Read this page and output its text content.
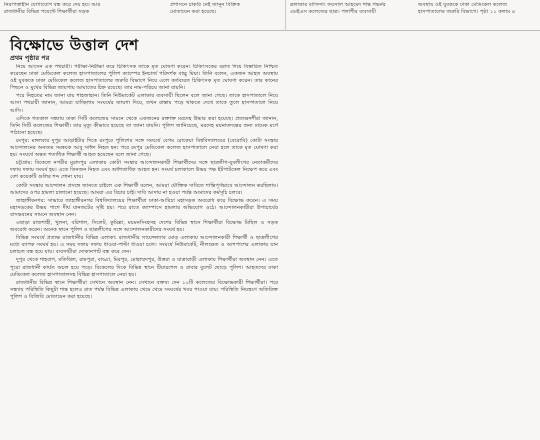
নিরাপত্তাহীন যোগাযোগ বন্ধ করে দেয় হয়। আর
রাজধানীর বিভিন্ন পয়েন্টে শিক্ষার্থীরা সড়ক
প্রশাসনে চাকরি নেই জানুন বিক্রিক
মোতায়েন করা হয়েছে।
ত্রলাকার বাসিন্দা। ফয়সাল আহমেদ শান্ত গভর্নর
এমইএস কলেজের ছাত্র। পলাশীর ব্যবসায়ী
অবস্থায় ওই যুবককে ঢাকা মেডিকেল কলেজ
হাসপাতালের জরুরি বিভাগে। পৃষ্ঠা ১১ কলাম ৪
বিক্ষোভে উত্তাল দেশ
প্রথম পৃষ্ঠার পর

নিয়ে আসেন এক পথচারী। পরীক্ষা-নিরীক্ষা করে চিকিৎসক তাকে মৃত ঘোষণা করেন। চিকিৎসকের বরাত দিয়ে বিস্তারিত নিশ্চিত করেছেন ঢাকা মেডিকেল কলেজ হাসপাতালের পুলিশ ক্যাম্পের ইনচার্জ পরিদর্শক বাচ্চু মিয়া। তিনি বলেন, একজন আহত অবস্থায় ওই যুবককে ঢাকা মেডিকেল কলেজ হাসপাতালের জরুরি বিভাগে নিয়ে এলে কর্তব্যরত চিকিৎসক মৃত ঘোষণা করেন। তার কানের পিছনে ও মুখের বিভিন্ন জায়গায় আঘাতের চিহ্ন রয়েছে। তার নাম-পরিচয় জানা যায়নি।

পরে নিহতের নাম জানা যায় শাহজাহান। তিনি নিউমার্কেট এলাকার ব্যবসায়ী ছিলেন বলে জানা গেছে। তাকে হাসপাতালে নিয়ে আসা পথচারী জানান, আমরা যাচ্ছিলাম সংঘর্ষের জায়গা দিয়ে, তখন রাস্তায় পড়ে থাকতে দেখে তাকে তুলে হাসপাতালে নিয়ে আসি।

এদিকে গতকাল সন্ধ্যায় ঢাকা সিটি কলেজের সামনে থেকে একজনের রক্তাক্ত মরদেহ উদ্ধার করা হয়েছে। প্রত্যক্ষদর্শীরা জানান, তিনি সিটি কলেজের শিক্ষার্থী। তার মৃত্যু কীভাবে হয়েছে তা জানা যায়নি। পুলিশ জানিয়েছে, মরদেহ ময়নাতদন্তের জন্য ঢামেক মর্গে পাঠানো হয়েছে।

রংপুর: মঙ্গলবার দুপুর আড়াইটার দিকে রংপুরে পুলিশের সঙ্গে সংঘর্ষে বেগম রোকেয়া বিশ্ববিদ্যালয়ের (বেরোবি) কোটা সংস্কার আন্দোলনের অন্যতম সমন্বয়ক আবু সাঈদ নিহত হন। পরে রংপুর মেডিকেল কলেজ হাসপাতালে নেয়া হলে তাকে মৃত ঘোষণা করা হয়। সংঘর্ষে অন্তত শতাধিক শিক্ষার্থী আহত হয়েছেন বলে জানা গেছে।

চট্টগ্রাম: বিকেলে নগরীর মুরাদপুর এলাকায় কোটা সংস্কার আন্দোলনকারী শিক্ষার্থীদের সঙ্গে ছাত্রলীগ-যুবলীগের নেতাকর্মীদের দফায় দফায় সংঘর্ষ হয়। এতে তিনজন নিহত এবং অর্ধশতাধিক আহত হন। সংঘর্ষ চলাকালে উভয় পক্ষ ইটপাটকেল নিক্ষেপ করে এবং বেশ কয়েকটি গুলির শব্দ শোনা যায়।

কোটা সংস্কার আন্দোলন প্রসঙ্গে জানতে চাইলে এক শিক্ষার্থী বলেন, আমরা যৌক্তিক দাবিতে শান্তিপূর্ণভাবে আন্দোলন করছিলাম। আমাদের ওপর হামলা চালানো হয়েছে। আমরা এর বিচার চাই। দাবি আদায় না হওয়া পর্যন্ত আমাদের কর্মসূচি চলবে।

জাহাঙ্গীরনগর: সাভারে জাহাঙ্গীরনগর বিশ্ববিদ্যালয়ের শিক্ষার্থীরা ঢাকা-আরিচা মহাসড়ক অবরোধ করে বিক্ষোভ করেন। এ সময় মহাসড়কের উভয় পাশে দীর্ঘ যানজটের সৃষ্টি হয়। পরে রাতে ক্যাম্পাসে হামলার অভিযোগ ওঠে। আন্দোলনকারীরা উপাচার্যের বাসভবনের সামনে অবস্থান নেন।

এছাড়া রাজশাহী, খুলনা, বরিশাল, সিলেট, কুমিল্লা, ময়মনসিংহসহ দেশের বিভিন্ন স্থানে শিক্ষার্থীরা বিক্ষোভ মিছিল ও সড়ক অবরোধ করেন। অনেক স্থানে পুলিশ ও ছাত্রলীগের সঙ্গে আন্দোলনকারীদের সংঘর্ষ হয়।

বিভিন্ন সংঘর্ষে প্রত্যক্ষ রাজধানীর বিভিন্ন এলাকা: রাজধানীর সায়েন্সল্যাব মোড় এলাকায় আন্দোলনকারী শিক্ষার্থী ও ছাত্রলীগের মধ্যে ব্যাপক সংঘর্ষ হয়। এ সময় দফায় দফায় ধাওয়া-পাল্টা ধাওয়া চলে। সংঘর্ষে নিউমার্কেট, নীলক্ষেত ও আশপাশের এলাকায় যান চলাচল বন্ধ হয়ে যায়। ব্যবসায়ীরা দোকানপাট বন্ধ করে দেন।

দুপুর থেকে শাহবাগ, মতিঝিল, রামপুরা, বাড্ডা, মিরপুর, মোহাম্মদপুর, উত্তরা ও যাত্রাবাড়ী এলাকায় শিক্ষার্থীরা অবস্থান নেন। এতে পুরো রাজধানী কার্যত অচল হয়ে পড়ে। বিকেলের দিকে বিভিন্ন স্থানে টিয়ারশেল ও রাবার বুলেট ছোড়ে পুলিশ। আহতদের ঢাকা মেডিকেল কলেজ হাসপাতালসহ বিভিন্ন হাসপাতালে নেয়া হয়।

রাজধানীর বিভিন্ন স্থানে শিক্ষার্থীরা সেখানে অবস্থান নেন। সেখানে বক্তব্য দেন ১০টি কলেজের বিক্ষোভকারী শিক্ষার্থীরা। পরে সন্ধ্যায় পরিস্থিতি কিছুটা শান্ত হলেও রাত পর্যন্ত বিভিন্ন এলাকায় থেমে থেমে সংঘর্ষের খবর পাওয়া যায়। পরিস্থিতি নিয়ন্ত্রণে অতিরিক্ত পুলিশ ও বিজিবি মোতায়েন করা হয়েছে।
